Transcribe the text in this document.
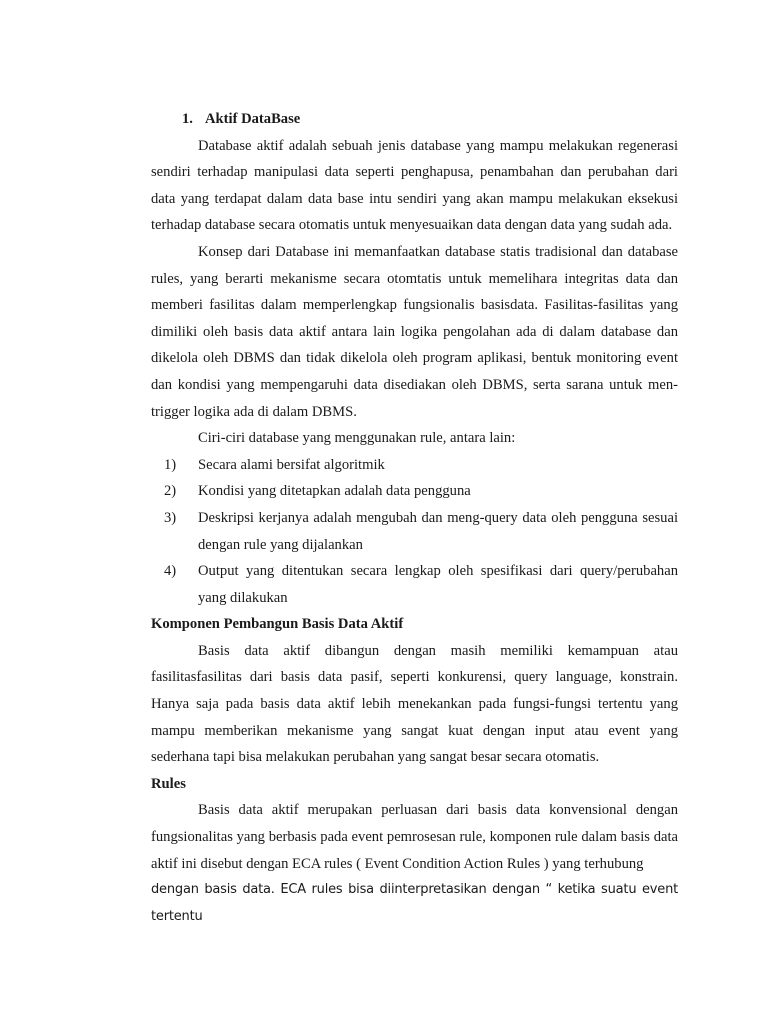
1. Aktif DataBase

Database aktif adalah sebuah jenis database yang mampu melakukan regenerasi sendiri terhadap manipulasi data seperti penghapusa, penambahan dan perubahan dari data yang terdapat dalam data base intu sendiri yang akan mampu melakukan eksekusi terhadap database secara otomatis untuk menyesuaikan data dengan data yang sudah ada.

Konsep dari Database ini memanfaatkan database statis tradisional dan database rules, yang berarti mekanisme secara otomtatis untuk memelihara integritas data dan memberi fasilitas dalam memperlengkap fungsionalis basisdata. Fasilitas-fasilitas yang dimiliki oleh basis data aktif antara lain logika pengolahan ada di dalam database dan dikelola oleh DBMS dan tidak dikelola oleh program aplikasi, bentuk monitoring event dan kondisi yang mempengaruhi data disediakan oleh DBMS, serta sarana untuk men-trigger logika ada di dalam DBMS.

Ciri-ciri database yang menggunakan rule, antara lain:

1)	Secara alami bersifat algoritmik
2)	Kondisi yang ditetapkan adalah data pengguna
3)	Deskripsi kerjanya adalah mengubah dan meng-query data oleh pengguna sesuai dengan rule yang dijalankan
4)	Output yang ditentukan secara lengkap oleh spesifikasi dari query/perubahan yang dilakukan

Komponen Pembangun Basis Data Aktif

Basis data aktif dibangun dengan masih memiliki kemampuan atau fasilitasfasilitas dari basis data pasif, seperti konkurensi, query language, konstrain. Hanya saja pada basis data aktif lebih menekankan pada fungsi-fungsi tertentu yang mampu memberikan mekanisme yang sangat kuat dengan input atau event yang sederhana tapi bisa melakukan perubahan yang sangat besar secara otomatis.

Rules

Basis data aktif merupakan perluasan dari basis data konvensional dengan fungsionalitas yang berbasis pada event pemrosesan rule, komponen rule dalam basis data aktif ini disebut dengan ECA rules ( Event Condition Action Rules ) yang terhubung

dengan basis data. ECA rules bisa diinterpretasikan dengan “ ketika suatu event tertentu
